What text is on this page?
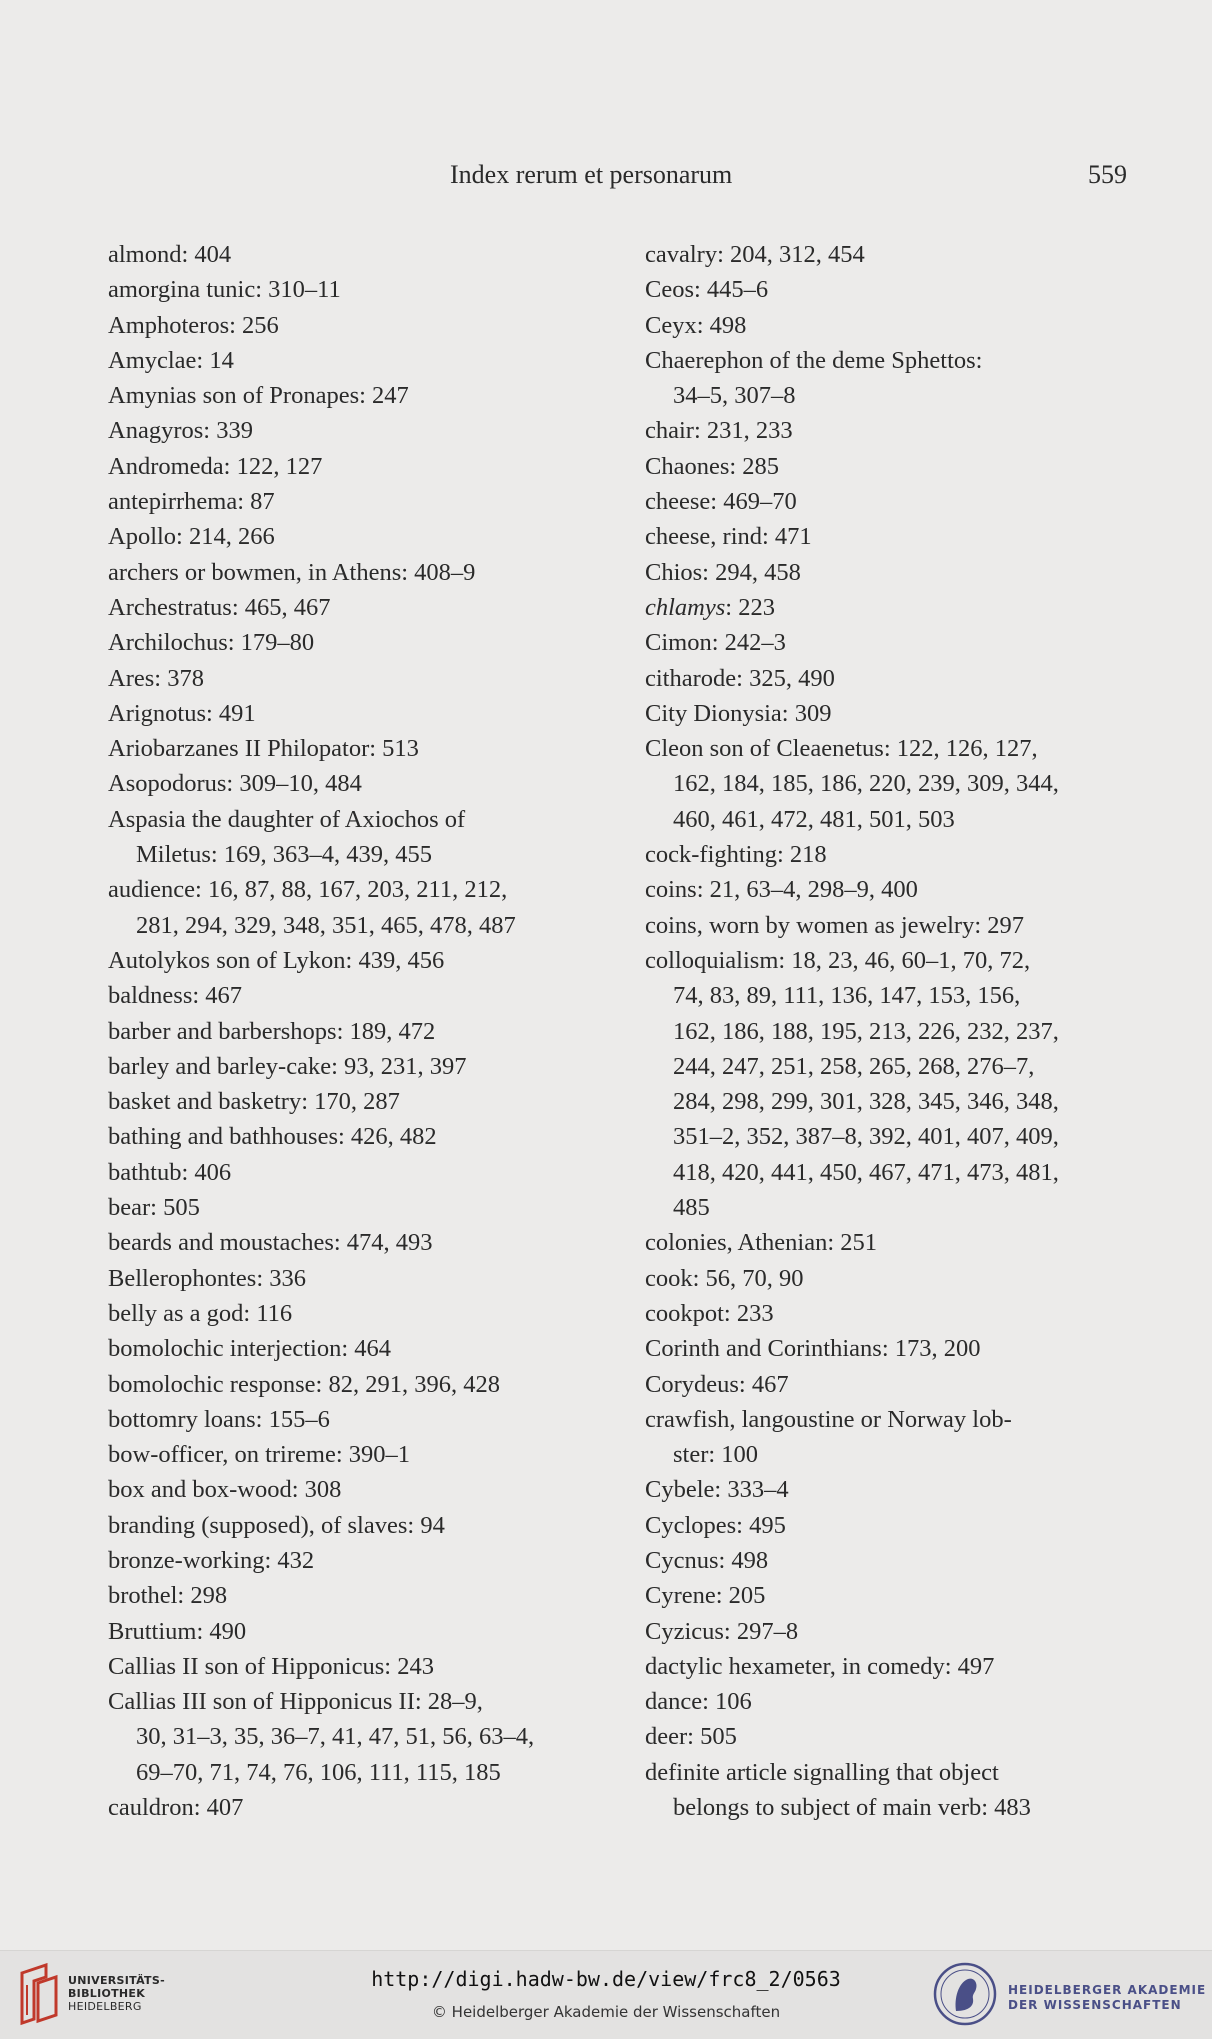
Index rerum et personarum	559
almond: 404
amorgina tunic: 310–11
Amphoteros: 256
Amyclae: 14
Amynias son of Pronapes: 247
Anagyros: 339
Andromeda: 122, 127
antepirrhema: 87
Apollo: 214, 266
archers or bowmen, in Athens: 408–9
Archestratus: 465, 467
Archilochus: 179–80
Ares: 378
Arignotus: 491
Ariobarzanes II Philopator: 513
Asopodorus: 309–10, 484
Aspasia the daughter of Axiochos of
Miletus: 169, 363–4, 439, 455
audience: 16, 87, 88, 167, 203, 211, 212,
281, 294, 329, 348, 351, 465, 478, 487
Autolykos son of Lykon: 439, 456
baldness: 467
barber and barbershops: 189, 472
barley and barley-cake: 93, 231, 397
basket and basketry: 170, 287
bathing and bathhouses: 426, 482
bathtub: 406
bear: 505
beards and moustaches: 474, 493
Bellerophontes: 336
belly as a god: 116
bomolochic interjection: 464
bomolochic response: 82, 291, 396, 428
bottomry loans: 155–6
bow-officer, on trireme: 390–1
box and box-wood: 308
branding (supposed), of slaves: 94
bronze-working: 432
brothel: 298
Bruttium: 490
Callias II son of Hipponicus: 243
Callias III son of Hipponicus II: 28–9,
30, 31–3, 35, 36–7, 41, 47, 51, 56, 63–4,
69–70, 71, 74, 76, 106, 111, 115, 185
cauldron: 407
cavalry: 204, 312, 454
Ceos: 445–6
Ceyx: 498
Chaerephon of the deme Sphettos:
34–5, 307–8
chair: 231, 233
Chaones: 285
cheese: 469–70
cheese, rind: 471
Chios: 294, 458
chlamys: 223
Cimon: 242–3
citharode: 325, 490
City Dionysia: 309
Cleon son of Cleaenetus: 122, 126, 127,
162, 184, 185, 186, 220, 239, 309, 344,
460, 461, 472, 481, 501, 503
cock-fighting: 218
coins: 21, 63–4, 298–9, 400
coins, worn by women as jewelry: 297
colloquialism: 18, 23, 46, 60–1, 70, 72,
74, 83, 89, 111, 136, 147, 153, 156,
162, 186, 188, 195, 213, 226, 232, 237,
244, 247, 251, 258, 265, 268, 276–7,
284, 298, 299, 301, 328, 345, 346, 348,
351–2, 352, 387–8, 392, 401, 407, 409,
418, 420, 441, 450, 467, 471, 473, 481,
485
colonies, Athenian: 251
cook: 56, 70, 90
cookpot: 233
Corinth and Corinthians: 173, 200
Corydeus: 467
crawfish, langoustine or Norway lob-
ster: 100
Cybele: 333–4
Cyclopes: 495
Cycnus: 498
Cyrene: 205
Cyzicus: 297–8
dactylic hexameter, in comedy: 497
dance: 106
deer: 505
definite article signalling that object
belongs to subject of main verb: 483
UNIVERSITÄTS-
BIBLIOTHEK
HEIDELBERG
http://digi.hadw-bw.de/view/frc8_2/0563
© Heidelberger Akademie der Wissenschaften
HEIDELBERGER AKADEMIE
DER WISSENSCHAFTEN
